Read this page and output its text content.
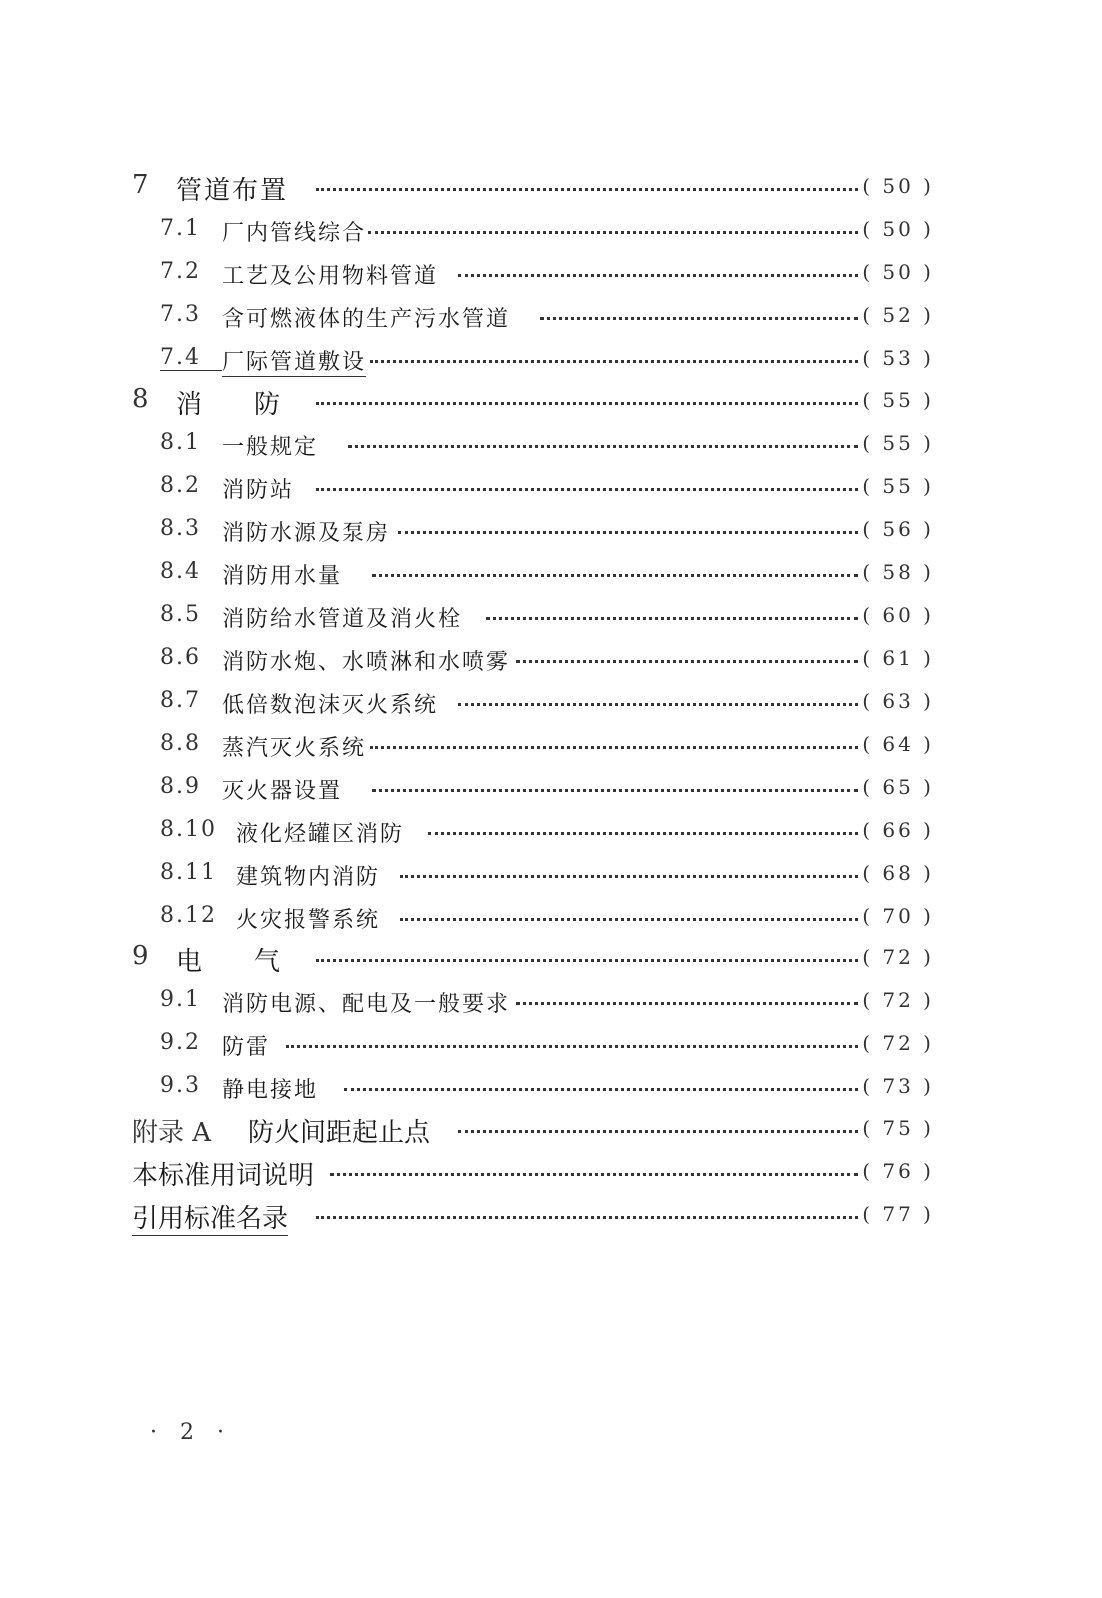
7 管道布置	( 50 )
7.1 厂内管线综合	( 50 )
7.2 工艺及公用物料管道	( 50 )
7.3 含可燃液体的生产污水管道	( 52 )
7.4 厂际管道敷设	( 53 )
8 消　　防	( 55 )
8.1 一般规定	( 55 )
8.2 消防站	( 55 )
8.3 消防水源及泵房	( 56 )
8.4 消防用水量	( 58 )
8.5 消防给水管道及消火栓	( 60 )
8.6 消防水炮、水喷淋和水喷雾	( 61 )
8.7 低倍数泡沫灭火系统	( 63 )
8.8 蒸汽灭火系统	( 64 )
8.9 灭火器设置	( 65 )
8.10 液化烃罐区消防	( 66 )
8.11 建筑物内消防	( 68 )
8.12 火灾报警系统	( 70 )
9 电　　气	( 72 )
9.1 消防电源、配电及一般要求	( 72 )
9.2 防雷	( 72 )
9.3 静电接地	( 73 )
附录 A 防火间距起止点	( 75 )
本标准用词说明	( 76 )
引用标准名录	( 77 )
· 2 ·
